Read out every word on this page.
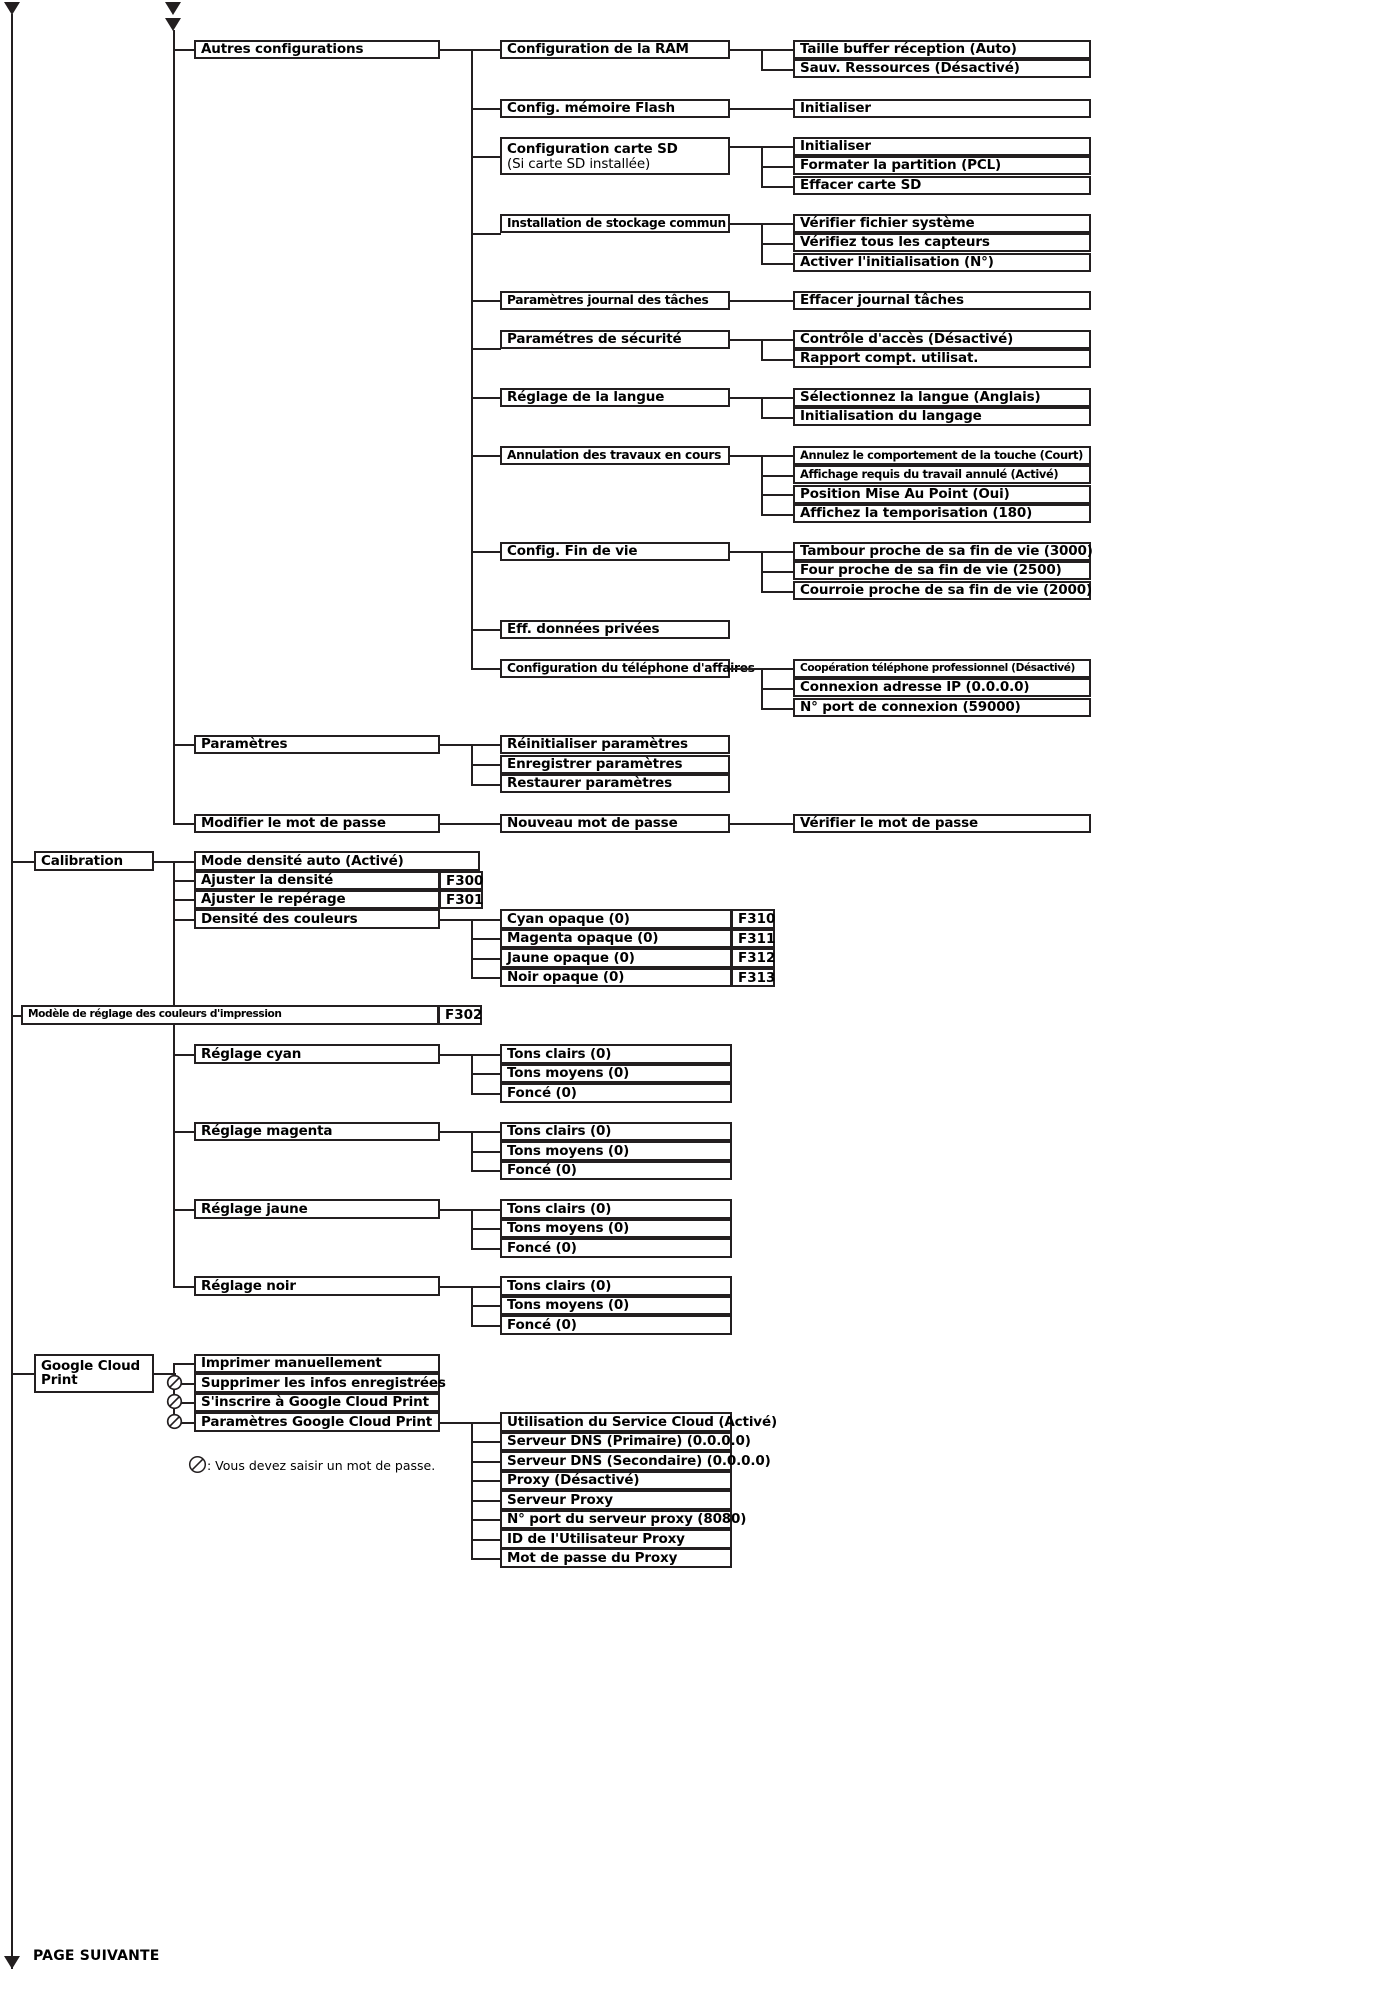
Autres configurations	Configuration de la RAM	Taille buffer réception (Auto)
Sauv. Ressources (Désactivé)
Config. mémoire Flash	Initialiser
Configuration carte SD
(Si carte SD installée)
Initialiser
Formater la partition (PCL)
Effacer carte SD
Installation de stockage commun	Vérifier fichier système
Vérifiez tous les capteurs
Activer l'initialisation (N°)
Paramètres journal des tâches	Effacer journal tâches
Paramétres de sécurité	Contrôle d'accès (Désactivé)
Rapport compt. utilisat.
Réglage de la langue	Sélectionnez la langue (Anglais)
Initialisation du langage
Annulation des travaux en cours	Annulez le comportement de la touche (Court)
Affichage requis du travail annulé (Activé)
Position Mise Au Point (Oui)
Affichez la temporisation (180)
Config. Fin de vie	Tambour proche de sa fin de vie (3000)
Four proche de sa fin de vie (2500)
Courroie proche de sa fin de vie (2000)
Eff. données privées
Configuration du téléphone d'affaires	Coopération téléphone professionnel (Désactivé)
Connexion adresse IP (0.0.0.0)
N° port de connexion (59000)
Paramètres	Réinitialiser paramètres
Enregistrer paramètres
Restaurer paramètres
Modifier le mot de passe	Nouveau mot de passe	Vérifier le mot de passe
Calibration	Mode densité auto (Activé)
Ajuster la densité	F300
Ajuster le repérage	F301
Densité des couleurs	Cyan opaque (0)	F310
Magenta opaque (0)	F311
Jaune opaque (0)	F312
Noir opaque (0)	F313
Modèle de réglage des couleurs d'impression	F302
Réglage cyan	Tons clairs (0)
Tons moyens (0)
Foncé (0)
Réglage magenta	Tons clairs (0)
Tons moyens (0)
Foncé (0)
Réglage jaune	Tons clairs (0)
Tons moyens (0)
Foncé (0)
Réglage noir	Tons clairs (0)
Tons moyens (0)
Foncé (0)
Google Cloud
Print
Imprimer manuellement
Supprimer les infos enregistrées
S'inscrire à Google Cloud Print
Paramètres Google Cloud Print	Utilisation du Service Cloud (Activé)
Serveur DNS (Primaire) (0.0.0.0)
Serveur DNS (Secondaire) (0.0.0.0)
Proxy (Désactivé)
Serveur Proxy
N° port du serveur proxy (8080)
ID de l'Utilisateur Proxy
Mot de passe du Proxy
: Vous devez saisir un mot de passe.
PAGE SUIVANTE
